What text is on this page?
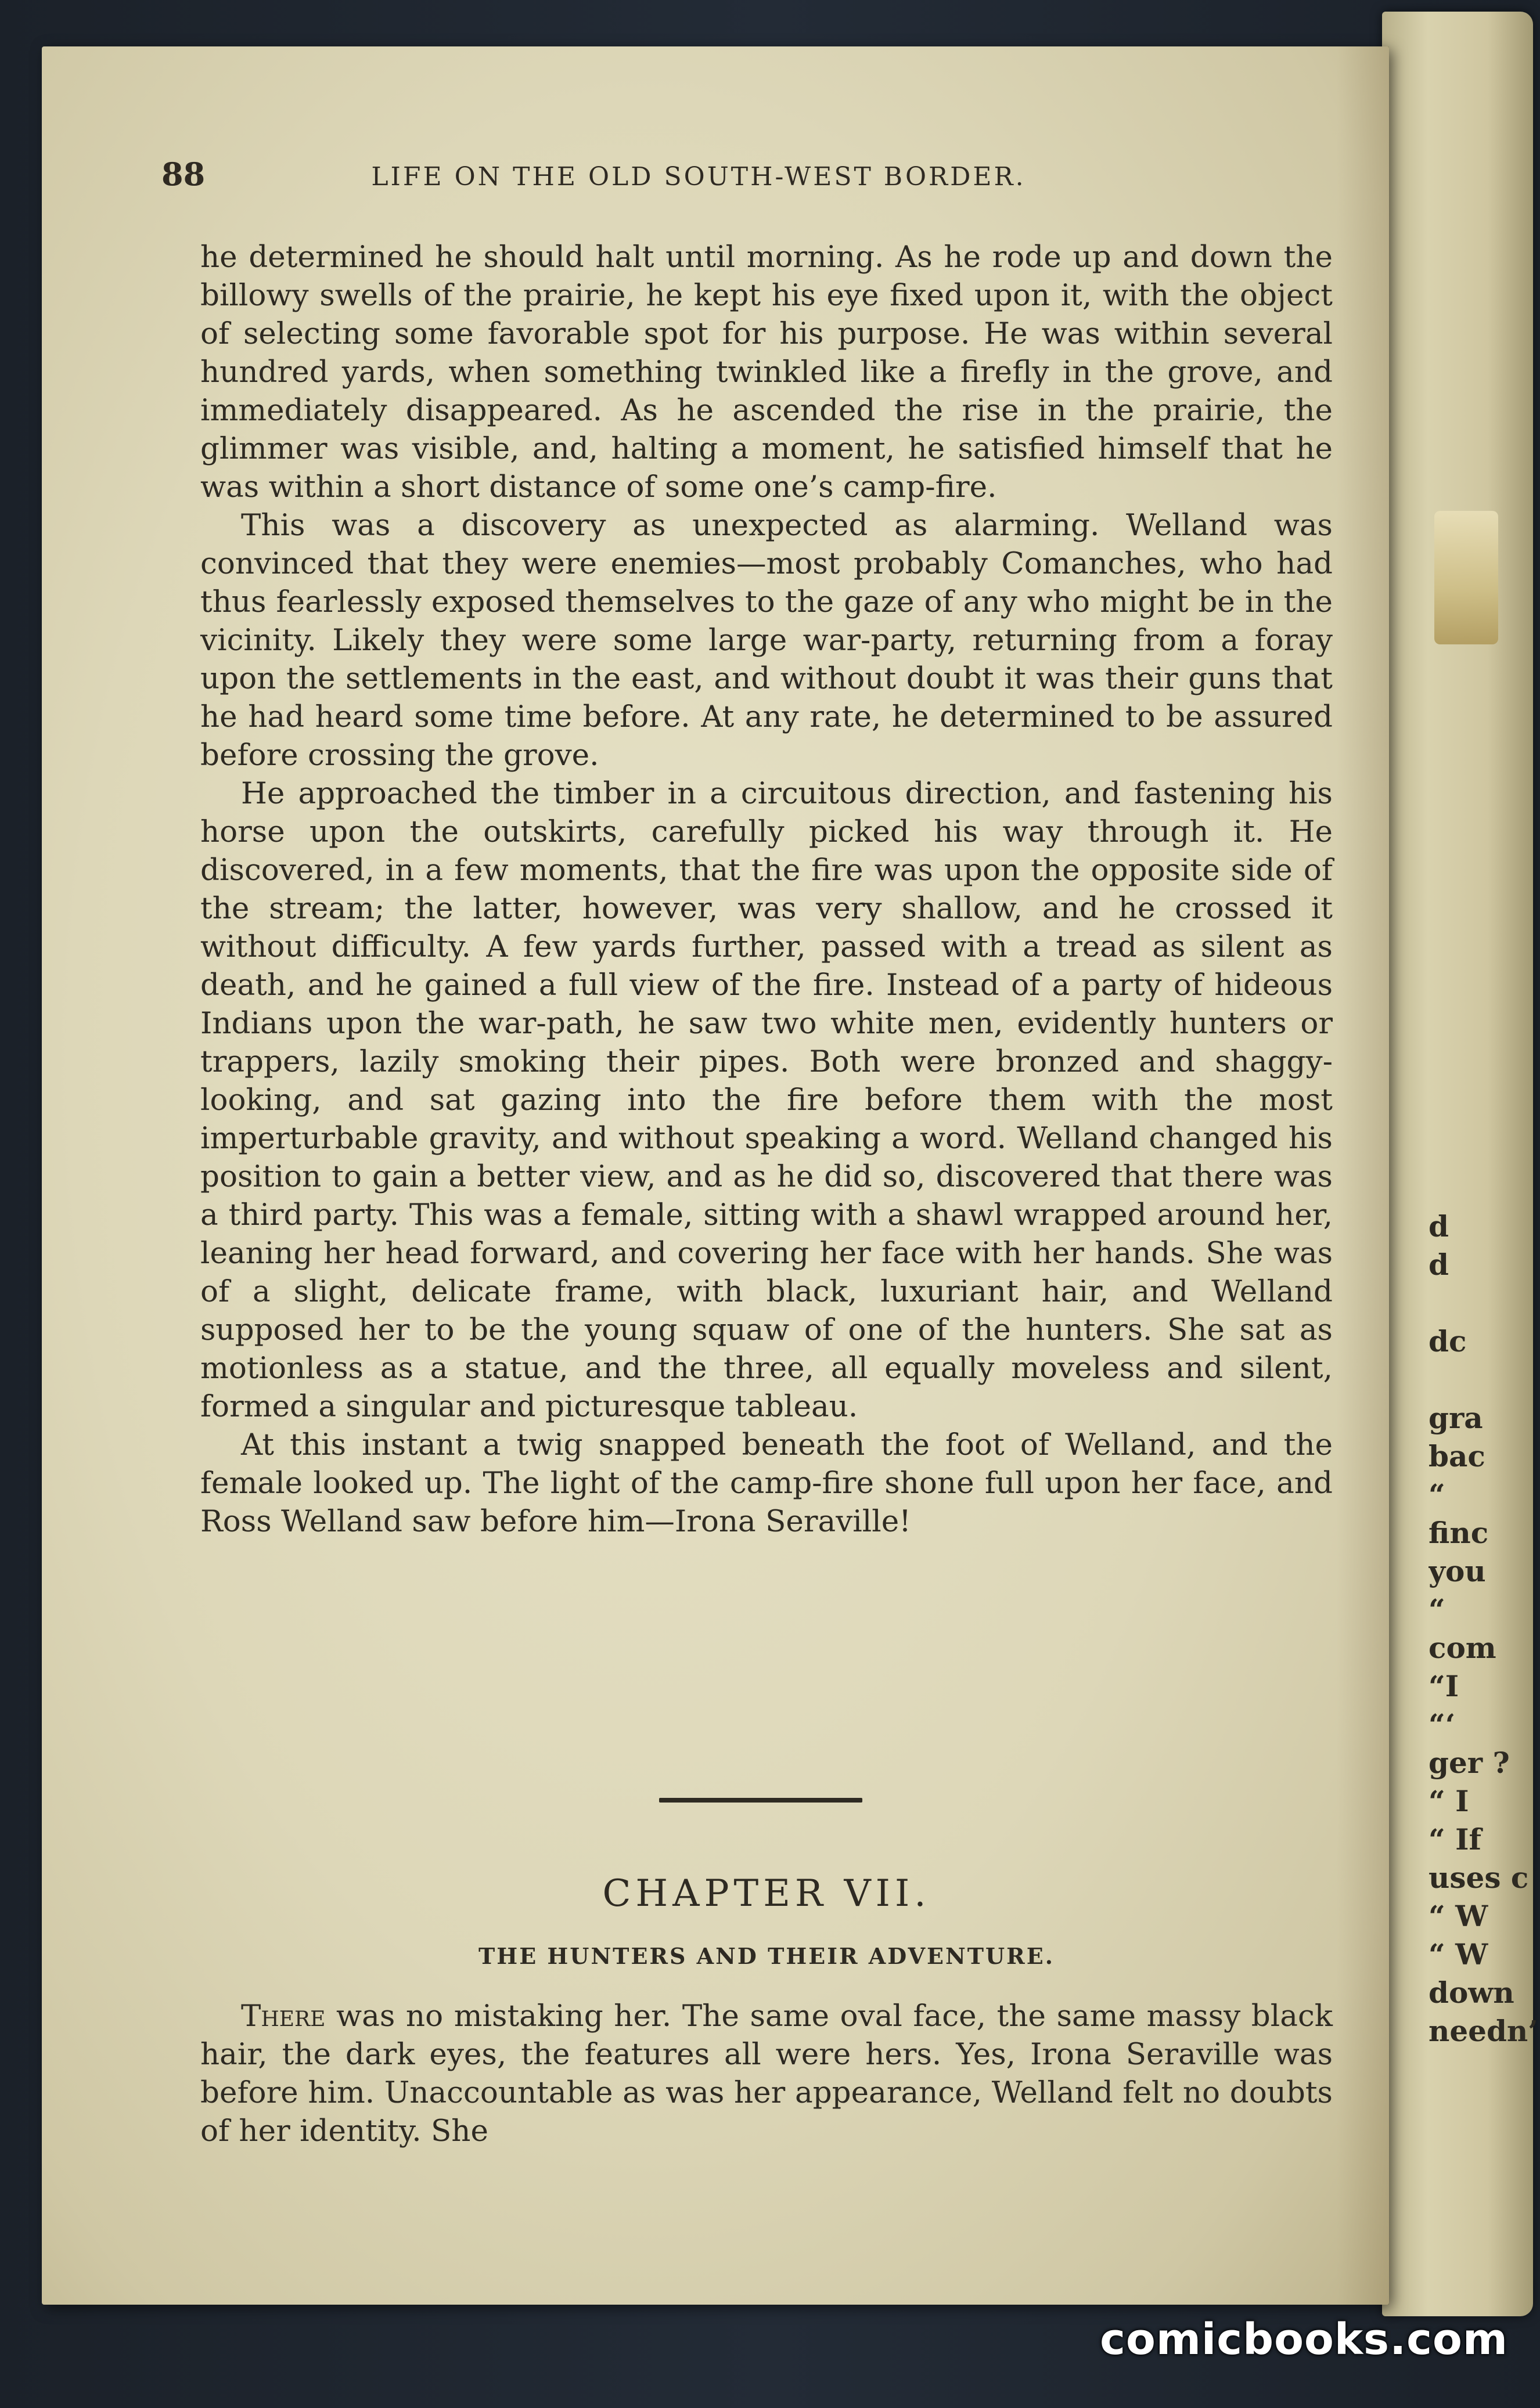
88	LIFE ON THE OLD SOUTH-WEST BORDER.

he determined he should halt until morning. As he rode up and down the billowy swells of the prairie, he kept his eye fixed upon it, with the object of selecting some favorable spot for his purpose. He was within several hundred yards, when something twinkled like a firefly in the grove, and immediately disappeared. As he ascended the rise in the prairie, the glimmer was visible, and, halting a moment, he satisfied himself that he was within a short distance of some one’s camp-fire.

This was a discovery as unexpected as alarming. Welland was convinced that they were enemies—most probably Comanches, who had thus fearlessly exposed themselves to the gaze of any who might be in the vicinity. Likely they were some large war-party, returning from a foray upon the settlements in the east, and without doubt it was their guns that he had heard some time before. At any rate, he determined to be assured before crossing the grove.

He approached the timber in a circuitous direction, and fastening his horse upon the outskirts, carefully picked his way through it. He discovered, in a few moments, that the fire was upon the opposite side of the stream; the latter, however, was very shallow, and he crossed it without difficulty. A few yards further, passed with a tread as silent as death, and he gained a full view of the fire. Instead of a party of hideous Indians upon the war-path, he saw two white men, evidently hunters or trappers, lazily smoking their pipes. Both were bronzed and shaggy-looking, and sat gazing into the fire before them with the most imperturbable gravity, and without speaking a word. Welland changed his position to gain a better view, and as he did so, discovered that there was a third party. This was a female, sitting with a shawl wrapped around her, leaning her head forward, and covering her face with her hands. She was of a slight, delicate frame, with black, luxuriant hair, and Welland supposed her to be the young squaw of one of the hunters. She sat as motionless as a statue, and the three, all equally moveless and silent, formed a singular and picturesque tableau.

At this instant a twig snapped beneath the foot of Welland, and the female looked up. The light of the camp-fire shone full upon her face, and Ross Welland saw before him—Irona Seraville!

CHAPTER VII.
THE HUNTERS AND THEIR ADVENTURE.

There was no mistaking her. The same oval face, the same massy black hair, the dark eyes, the features all were hers. Yes, Irona Seraville was before him. Unaccountable as was her appearance, Welland felt no doubts of her identity. She

d
d
dc
gra
bac
“
finc
you
“
com
“I
“‘
ger ?
“ I
“ If
uses c
“ W
“ W
down
needn’
comicbooks.com
